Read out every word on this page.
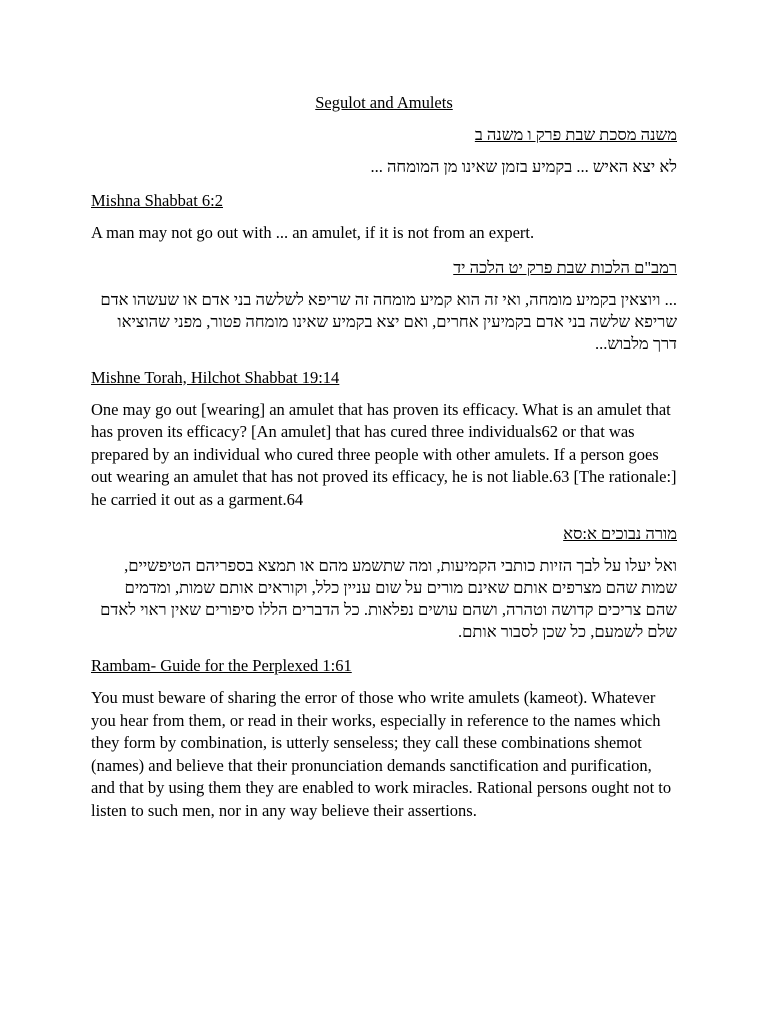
Segulot and Amulets
משנה מסכת שבת פרק ו משנה ב
לא יצא האיש ... בקמיע בזמן שאינו מן המומחה ...
Mishna Shabbat 6:2
A man may not go out with ... an amulet, if it is not from an expert.
רמב"ם הלכות שבת פרק יט הלכה יד
... ויוצאין בקמיע מומחה, ואי זה הוא קמיע מומחה זה שריפא לשלשה בני אדם או שעשהו אדם שריפא שלשה בני אדם בקמיעין אחרים, ואם יצא בקמיע שאינו מומחה פטור, מפני שהוציאו דרך מלבוש...
Mishne Torah, Hilchot Shabbat 19:14
One may go out [wearing] an amulet that has proven its efficacy. What is an amulet that has proven its efficacy? [An amulet] that has cured three individuals62 or that was prepared by an individual who cured three people with other amulets. If a person goes out wearing an amulet that has not proved its efficacy, he is not liable.63 [The rationale:] he carried it out as a garment.64
מורה נבוכים א:סא
ואל יעלו על לבך הזיות כותבי הקמיעות, ומה שתשמע מהם או תמצא בספריהם הטיפשיים, שמות שהם מצרפים אותם שאינם מורים על שום עניין כלל, וקוראים אותם שמות, ומדמים שהם צריכים קדושה וטהרה, ושהם עושים נפלאות. כל הדברים הללו סיפורים שאין ראוי לאדם שלם לשמעם, כל שכן לסבור אותם.
Rambam- Guide for the Perplexed 1:61
You must beware of sharing the error of those who write amulets (kameot). Whatever you hear from them, or read in their works, especially in reference to the names which they form by combination, is utterly senseless; they call these combinations shemot (names) and believe that their pronunciation demands sanctification and purification, and that by using them they are enabled to work miracles. Rational persons ought not to listen to such men, nor in any way believe their assertions.
